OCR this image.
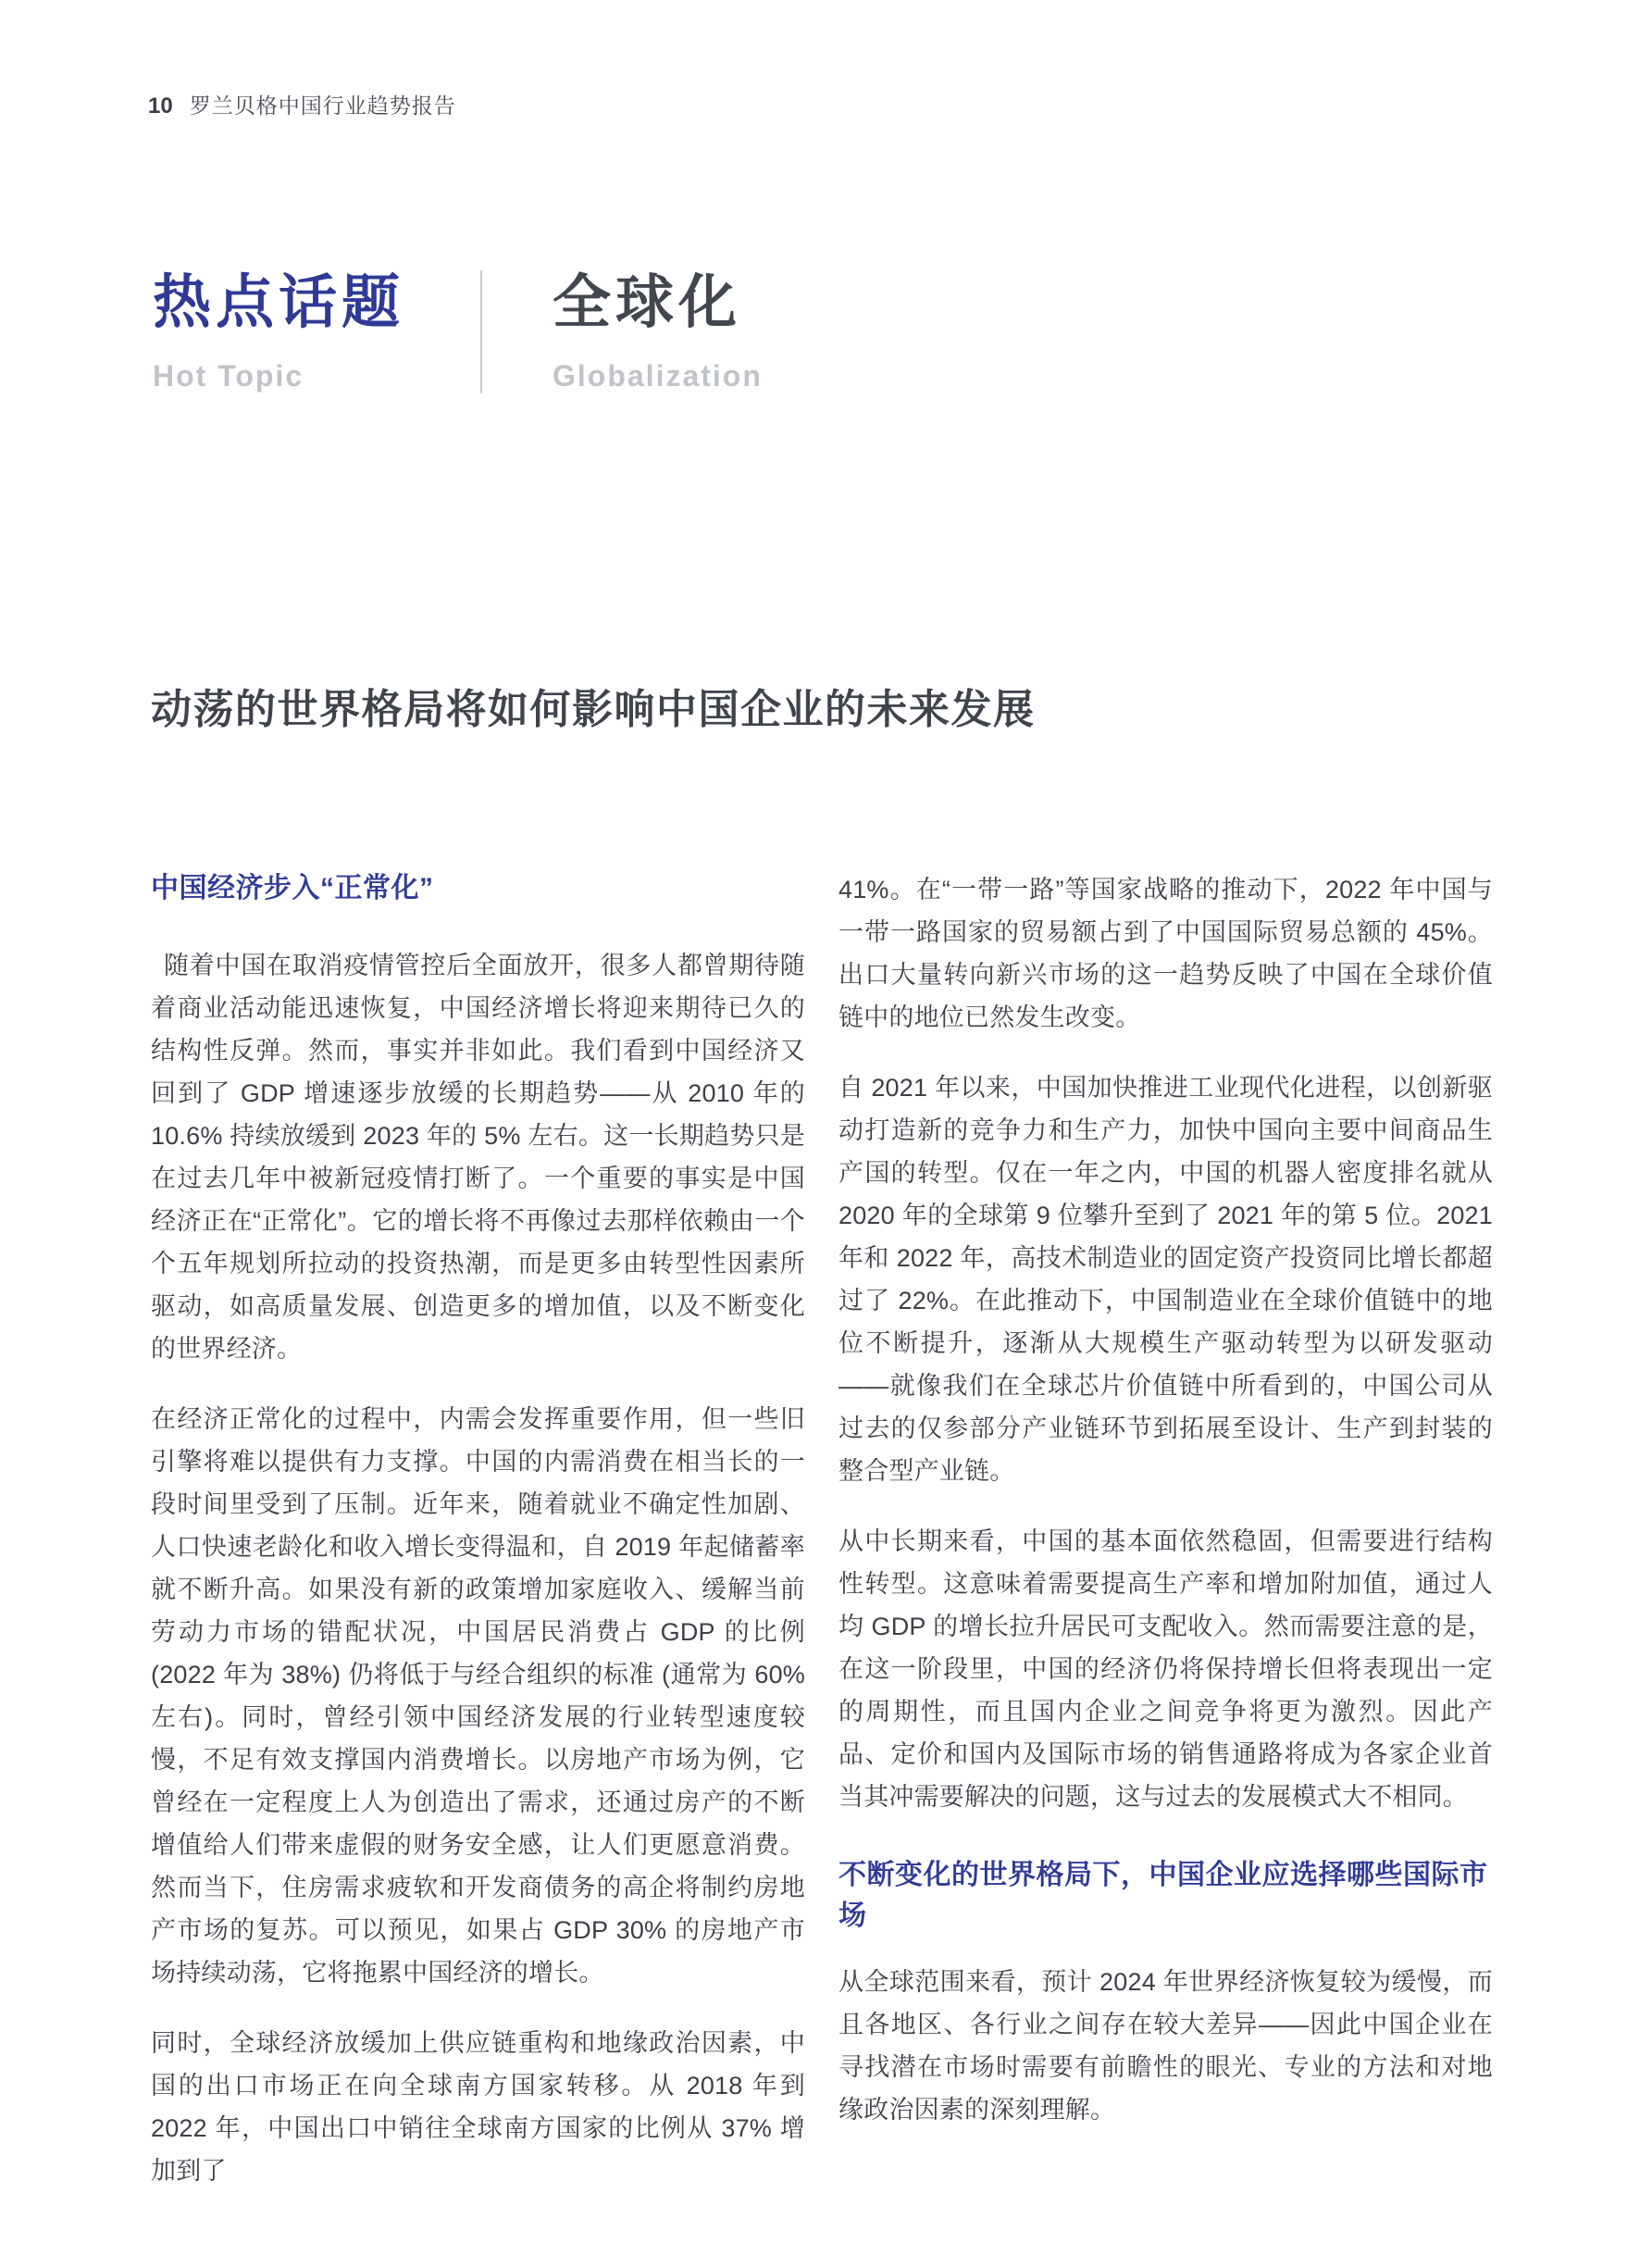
10 罗兰贝格中国行业趋势报告
热点话题
Hot Topic
全球化
Globalization
动荡的世界格局将如何影响中国企业的未来发展
中国经济步入“正常化”

随着中国在取消疫情管控后全面放开，很多人都曾期待随着商业活动能迅速恢复，中国经济增长将迎来期待已久的结构性反弹。然而，事实并非如此。我们看到中国经济又回到了 GDP 增速逐步放缓的长期趋势——从 2010 年的 10.6% 持续放缓到 2023 年的 5% 左右。这一长期趋势只是在过去几年中被新冠疫情打断了。一个重要的事实是中国经济正在“正常化”。它的增长将不再像过去那样依赖由一个个五年规划所拉动的投资热潮，而是更多由转型性因素所驱动，如高质量发展、创造更多的增加值，以及不断变化的世界经济。

在经济正常化的过程中，内需会发挥重要作用，但一些旧引擎将难以提供有力支撑。中国的内需消费在相当长的一段时间里受到了压制。近年来，随着就业不确定性加剧、人口快速老龄化和收入增长变得温和，自 2019 年起储蓄率就不断升高。如果没有新的政策增加家庭收入、缓解当前劳动力市场的错配状况，中国居民消费占 GDP 的比例 (2022 年为 38%) 仍将低于与经合组织的标准 (通常为 60% 左右)。同时，曾经引领中国经济发展的行业转型速度较慢，不足有效支撑国内消费增长。以房地产市场为例，它曾经在一定程度上人为创造出了需求，还通过房产的不断增值给人们带来虚假的财务安全感，让人们更愿意消费。然而当下，住房需求疲软和开发商债务的高企将制约房地产市场的复苏。可以预见，如果占 GDP 30% 的房地产市场持续动荡，它将拖累中国经济的增长。

同时，全球经济放缓加上供应链重构和地缘政治因素，中国的出口市场正在向全球南方国家转移。从 2018 年到 2022 年，中国出口中销往全球南方国家的比例从 37% 增加到了

41%。在“一带一路”等国家战略的推动下，2022 年中国与一带一路国家的贸易额占到了中国国际贸易总额的 45%。出口大量转向新兴市场的这一趋势反映了中国在全球价值链中的地位已然发生改变。

自 2021 年以来，中国加快推进工业现代化进程，以创新驱动打造新的竞争力和生产力，加快中国向主要中间商品生产国的转型。仅在一年之内，中国的机器人密度排名就从 2020 年的全球第 9 位攀升至到了 2021 年的第 5 位。2021 年和 2022 年，高技术制造业的固定资产投资同比增长都超过了 22%。在此推动下，中国制造业在全球价值链中的地位不断提升，逐渐从大规模生产驱动转型为以研发驱动——就像我们在全球芯片价值链中所看到的，中国公司从过去的仅参部分产业链环节到拓展至设计、生产到封装的整合型产业链。

从中长期来看，中国的基本面依然稳固，但需要进行结构性转型。这意味着需要提高生产率和增加附加值，通过人均 GDP 的增长拉升居民可支配收入。然而需要注意的是，在这一阶段里，中国的经济仍将保持增长但将表现出一定的周期性，而且国内企业之间竞争将更为激烈。因此产品、定价和国内及国际市场的销售通路将成为各家企业首当其冲需要解决的问题，这与过去的发展模式大不相同。

不断变化的世界格局下，中国企业应选择哪些国际市场

从全球范围来看，预计 2024 年世界经济恢复较为缓慢，而且各地区、各行业之间存在较大差异——因此中国企业在寻找潜在市场时需要有前瞻性的眼光、专业的方法和对地缘政治因素的深刻理解。
